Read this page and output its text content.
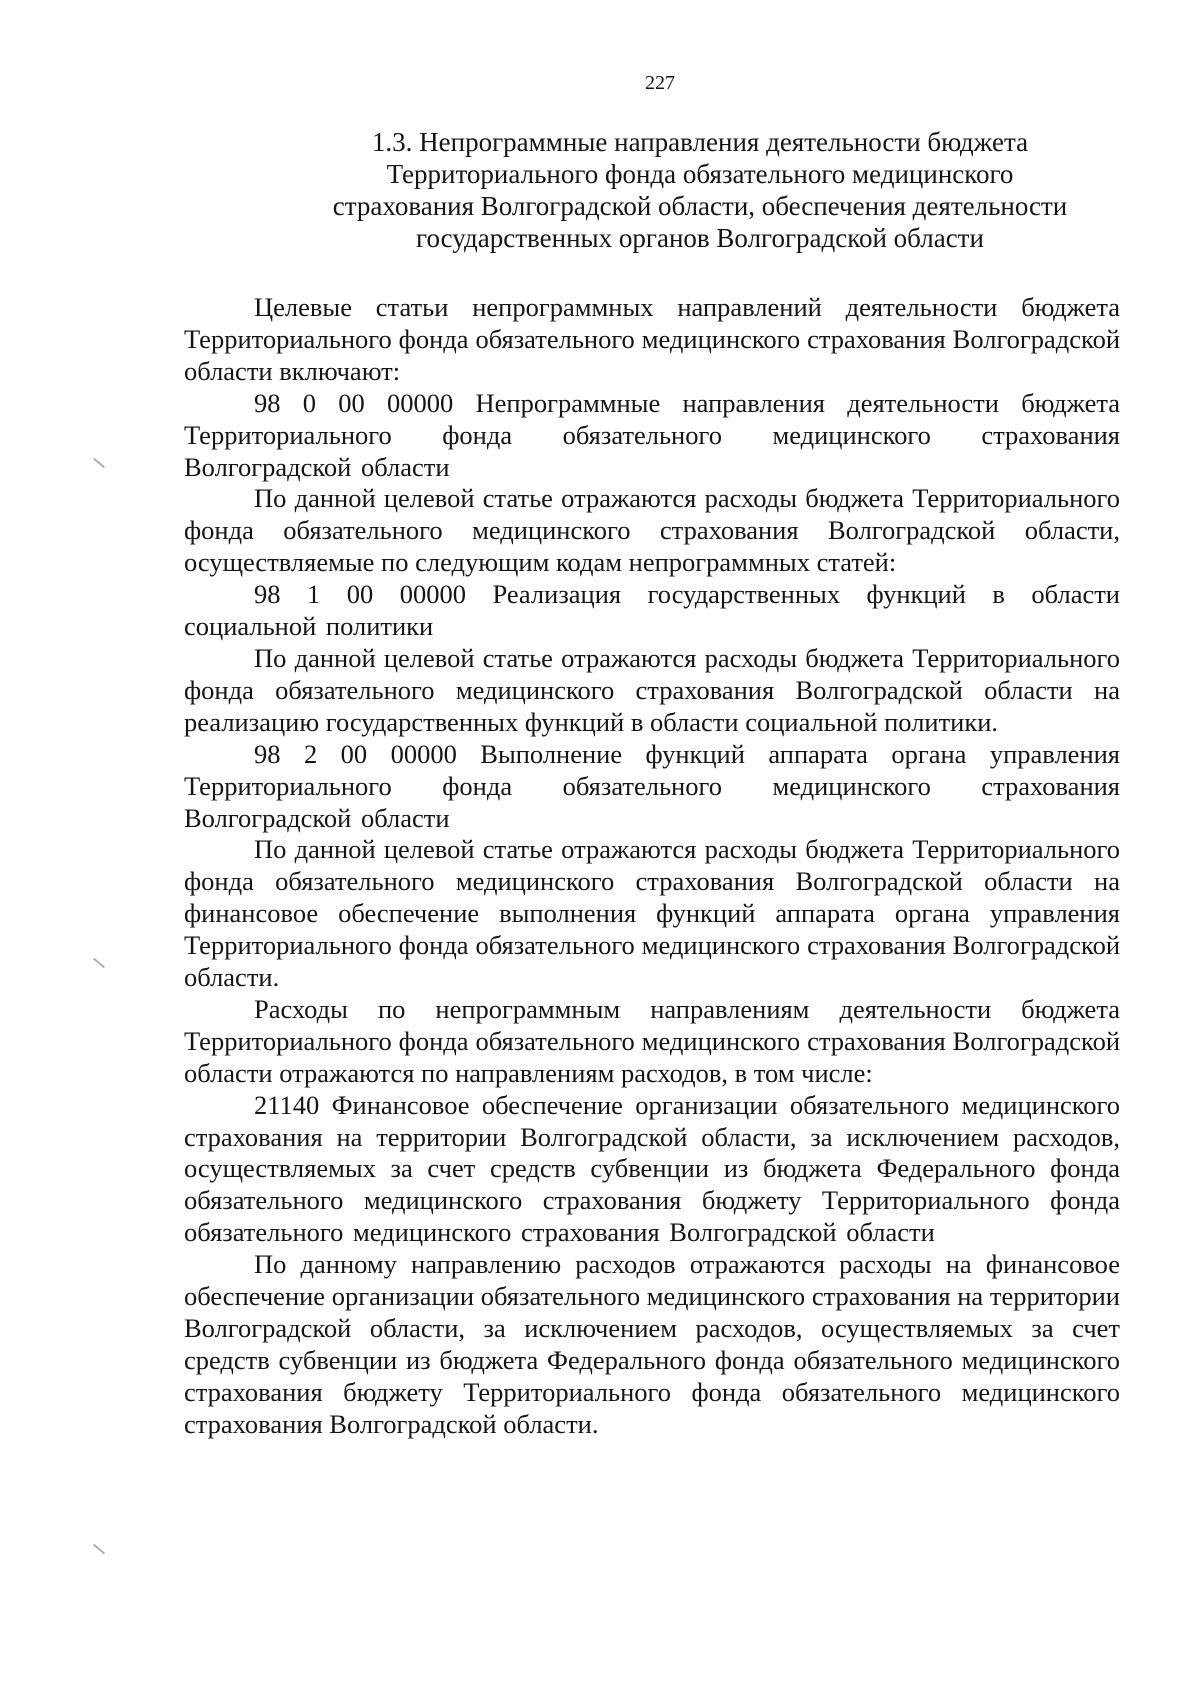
227
1.3. Непрограммные направления деятельности бюджета
Территориального фонда обязательного медицинского
страхования Волгоградской области, обеспечения деятельности
государственных органов Волгоградской области

Целевые статьи непрограммных направлений деятельности бюджета Территориального фонда обязательного медицинского страхования Волгоградской области включают:

98 0 00 00000 Непрограммные направления деятельности бюджета Территориального фонда обязательного медицинского страхования Волгоградской области

По данной целевой статье отражаются расходы бюджета Территориального фонда обязательного медицинского страхования Волгоградской области, осуществляемые по следующим кодам непрограммных статей:

98 1 00 00000 Реализация государственных функций в области социальной политики

По данной целевой статье отражаются расходы бюджета Территориального фонда обязательного медицинского страхования Волгоградской области на реализацию государственных функций в области социальной политики.

98 2 00 00000 Выполнение функций аппарата органа управления Территориального фонда обязательного медицинского страхования Волгоградской области

По данной целевой статье отражаются расходы бюджета Территориального фонда обязательного медицинского страхования Волгоградской области на финансовое обеспечение выполнения функций аппарата органа управления Территориального фонда обязательного медицинского страхования Волгоградской области.

Расходы по непрограммным направлениям деятельности бюджета Территориального фонда обязательного медицинского страхования Волгоградской области отражаются по направлениям расходов, в том числе:

21140 Финансовое обеспечение организации обязательного медицинского страхования на территории Волгоградской области, за исключением расходов, осуществляемых за счет средств субвенции из бюджета Федерального фонда обязательного медицинского страхования бюджету Территориального фонда обязательного медицинского страхования Волгоградской области

По данному направлению расходов отражаются расходы на финансовое обеспечение организации обязательного медицинского страхования на территории Волгоградской области, за исключением расходов, осуществляемых за счет средств субвенции из бюджета Федерального фонда обязательного медицинского страхования бюджету Территориального фонда обязательного медицинского страхования Волгоградской области.
